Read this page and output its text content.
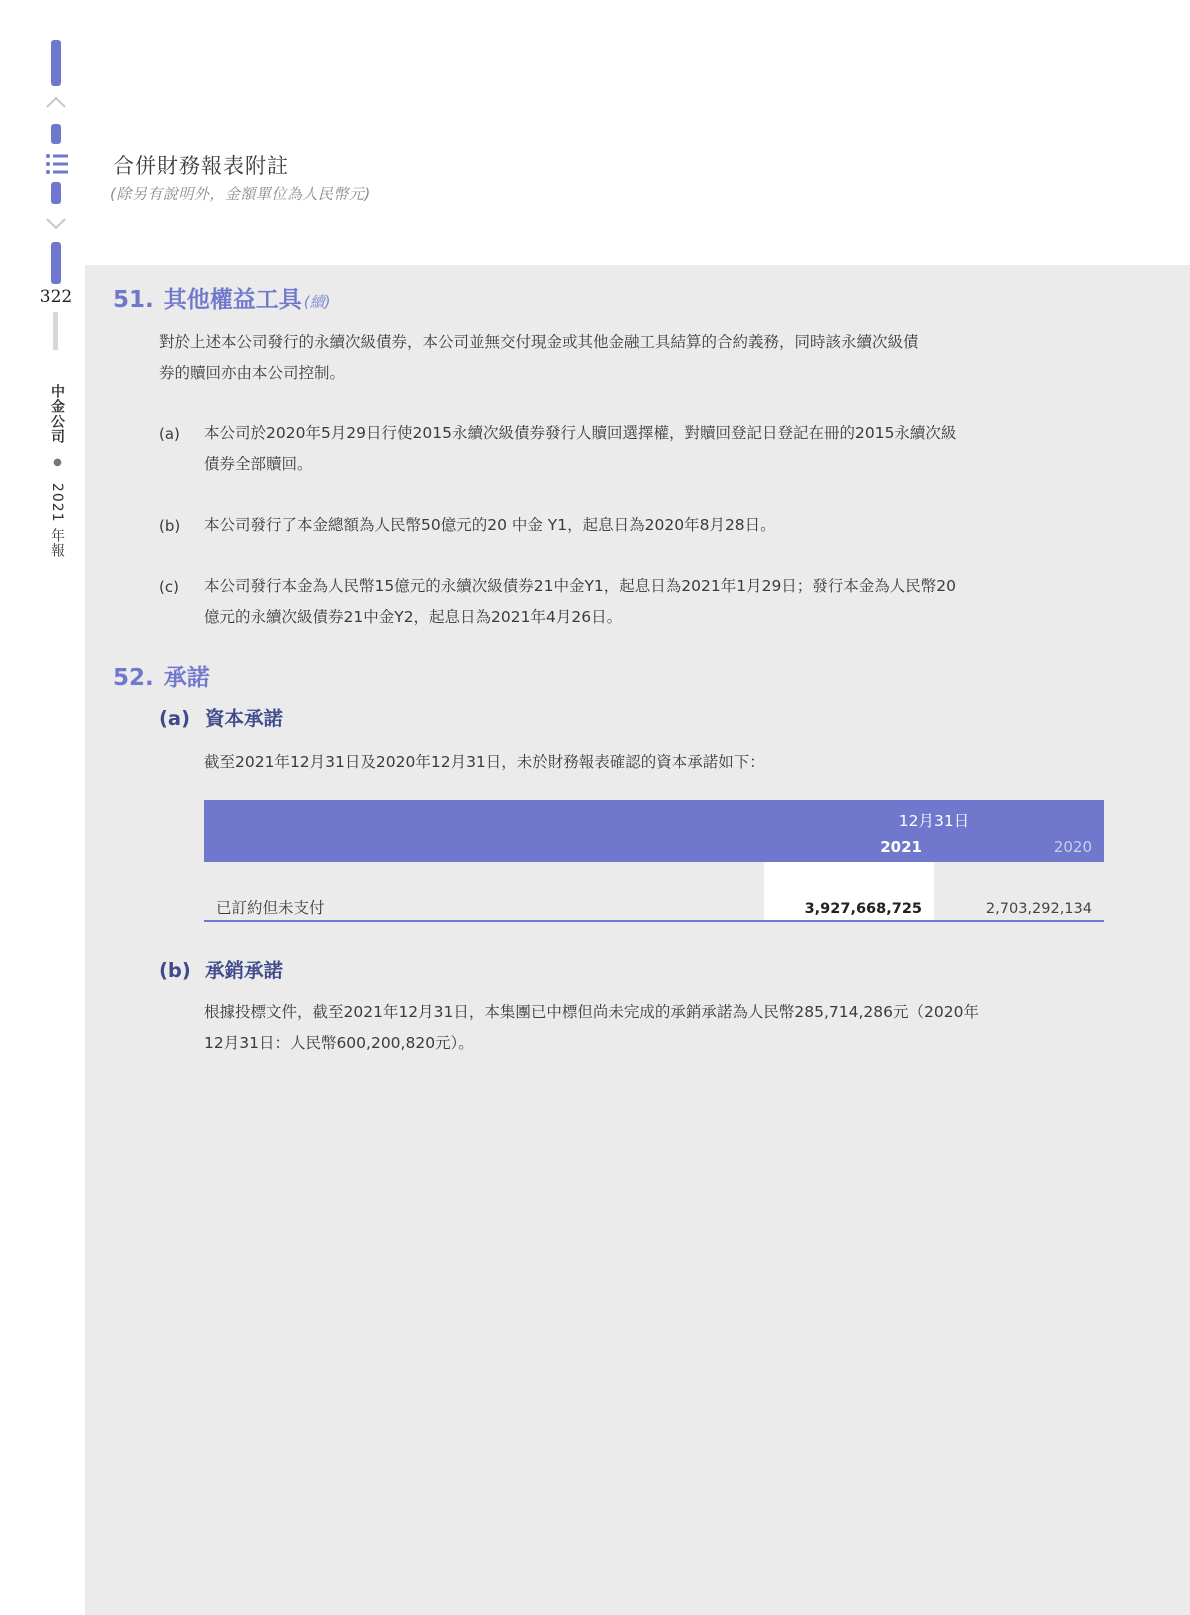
322
中金公司 ● 2021 年報
合併財務報表附註
(除另有說明外，金額單位為人民幣元)
51. 其他權益工具 (續)
對於上述本公司發行的永續次級債券，本公司並無交付現金或其他金融工具結算的合約義務，同時該永續次級債
券的贖回亦由本公司控制。
(a) 本公司於2020年5月29日行使2015永續次級債券發行人贖回選擇權，對贖回登記日登記在冊的2015永續次級
債券全部贖回。
(b) 本公司發行了本金總額為人民幣50億元的20 中金 Y1，起息日為2020年8月28日。
(c) 本公司發行本金為人民幣15億元的永續次級債券21中金Y1，起息日為2021年1月29日；發行本金為人民幣20
億元的永續次級債券21中金Y2，起息日為2021年4月26日。
52. 承諾
(a) 資本承諾
截至2021年12月31日及2020年12月31日，未於財務報表確認的資本承諾如下：
12月31日
2021	2020
已訂約但未支付	3,927,668,725	2,703,292,134
(b) 承銷承諾
根據投標文件，截至2021年12月31日，本集團已中標但尚未完成的承銷承諾為人民幣285,714,286元（2020年
12月31日：人民幣600,200,820元）。
